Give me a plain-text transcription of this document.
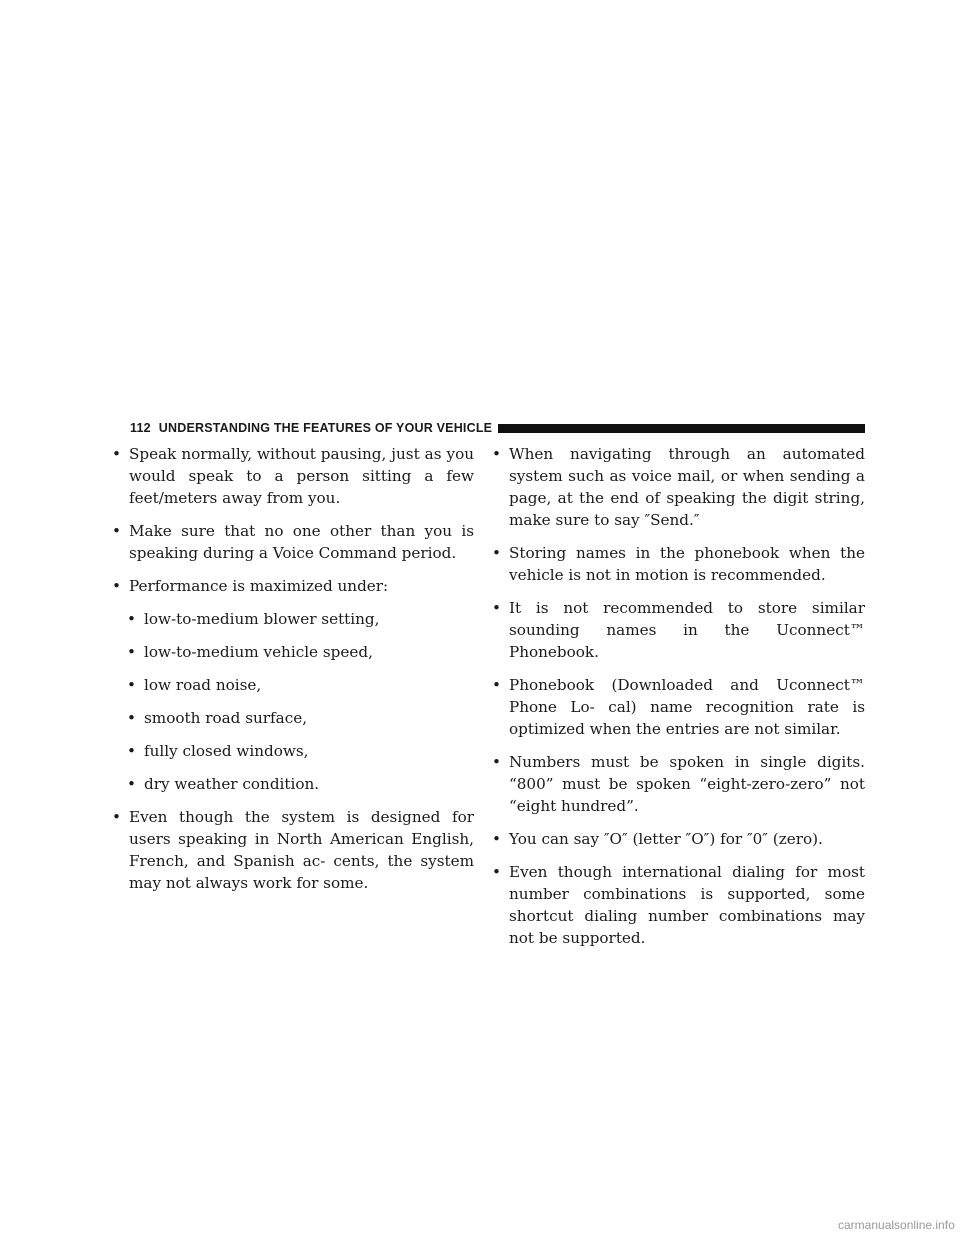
112 UNDERSTANDING THE FEATURES OF YOUR VEHICLE
• Speak normally, without pausing, just as you would speak to a person sitting a few feet/meters away from you.
• Make sure that no one other than you is speaking during a Voice Command period.
• Performance is maximized under:
• low-to-medium blower setting,
• low-to-medium vehicle speed,
• low road noise,
• smooth road surface,
• fully closed windows,
• dry weather condition.
• Even though the system is designed for users speaking in North American English, French, and Spanish ac- cents, the system may not always work for some.
• When navigating through an automated system such as voice mail, or when sending a page, at the end of speaking the digit string, make sure to say ″Send.″
• Storing names in the phonebook when the vehicle is not in motion is recommended.
• It is not recommended to store similar sounding names in the Uconnect™ Phonebook.
• Phonebook (Downloaded and Uconnect™ Phone Lo- cal) name recognition rate is optimized when the entries are not similar.
• Numbers must be spoken in single digits. “800” must be spoken “eight-zero-zero” not “eight hundred”.
• You can say ″O″ (letter ″O″) for ″0″ (zero).
• Even though international dialing for most number combinations is supported, some shortcut dialing number combinations may not be supported.
carmanualsonline.info
